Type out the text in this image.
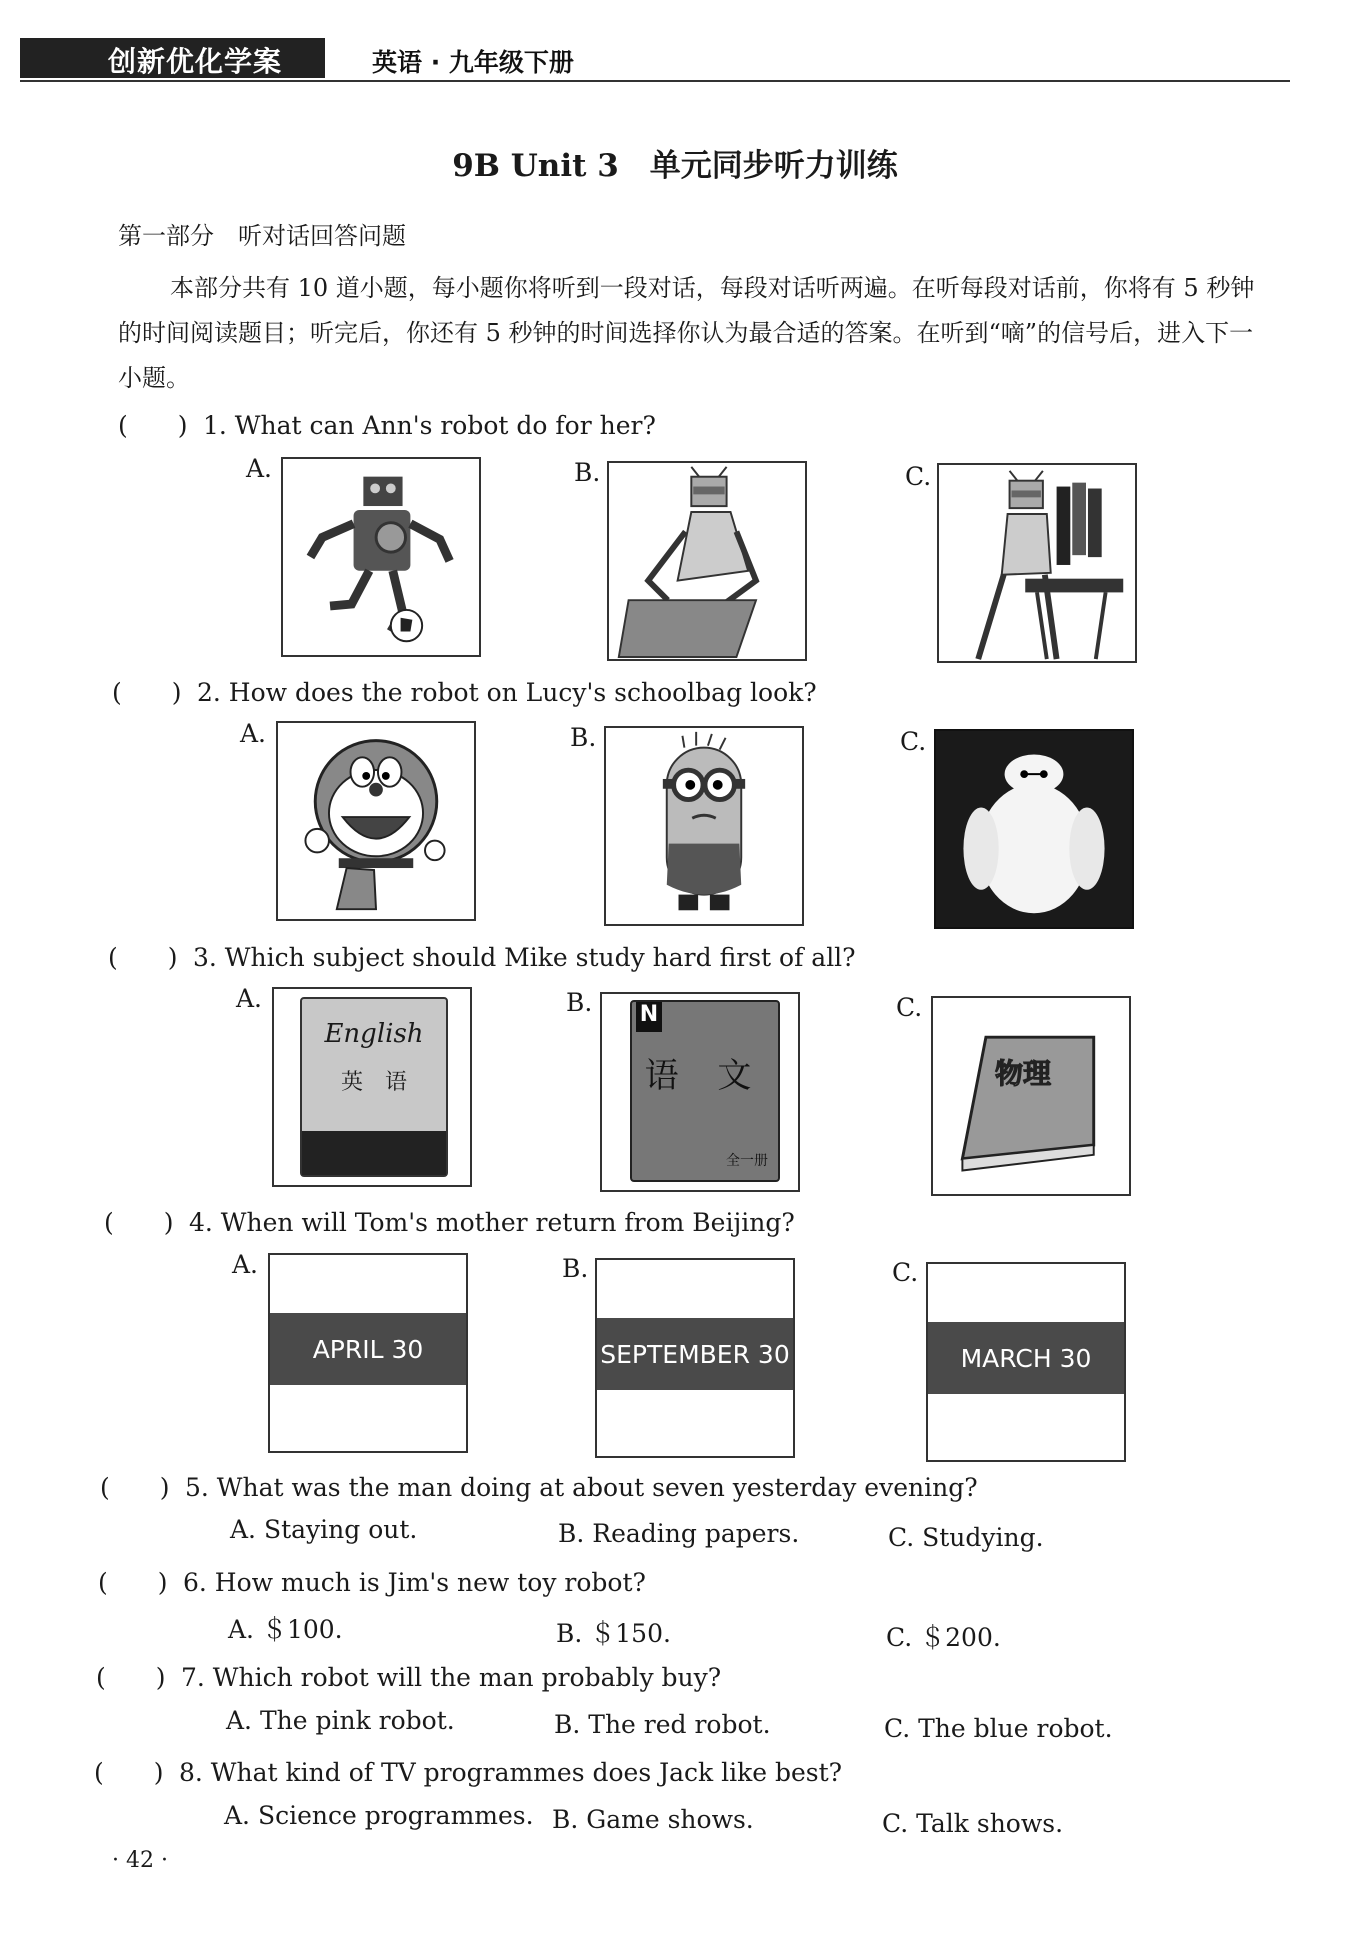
创新优化学案	英语 · 九年级下册
9B Unit 3　单元同步听力训练
第一部分　听对话回答问题
本部分共有 10 道小题，每小题你将听到一段对话，每段对话听两遍。在听每段对话前，你将有 5 秒钟的时间阅读题目；听完后，你还有 5 秒钟的时间选择你认为最合适的答案。在听到“嘀”的信号后，进入下一小题。
(　　) 1. What can Ann's robot do for her?
A.	B.	C.
(　　) 2. How does the robot on Lucy's schoolbag look?
A.	B.	C.
(　　) 3. Which subject should Mike study hard first of all?
A.	B.	C.
English
英　语
N
语 文
全一册
物理
(　　) 4. When will Tom's mother return from Beijing?
A.	B.	C.
APRIL 30	SEPTEMBER 30	MARCH 30
(　　) 5. What was the man doing at about seven yesterday evening?
A. Staying out.	B. Reading papers.	C. Studying.
(　　) 6. How much is Jim's new toy robot?
A. ＄100.	B. ＄150.	C. ＄200.
(　　) 7. Which robot will the man probably buy?
A. The pink robot.	B. The red robot.	C. The blue robot.
(　　) 8. What kind of TV programmes does Jack like best?
A. Science programmes. B. Game shows.	C. Talk shows.
· 42 ·
